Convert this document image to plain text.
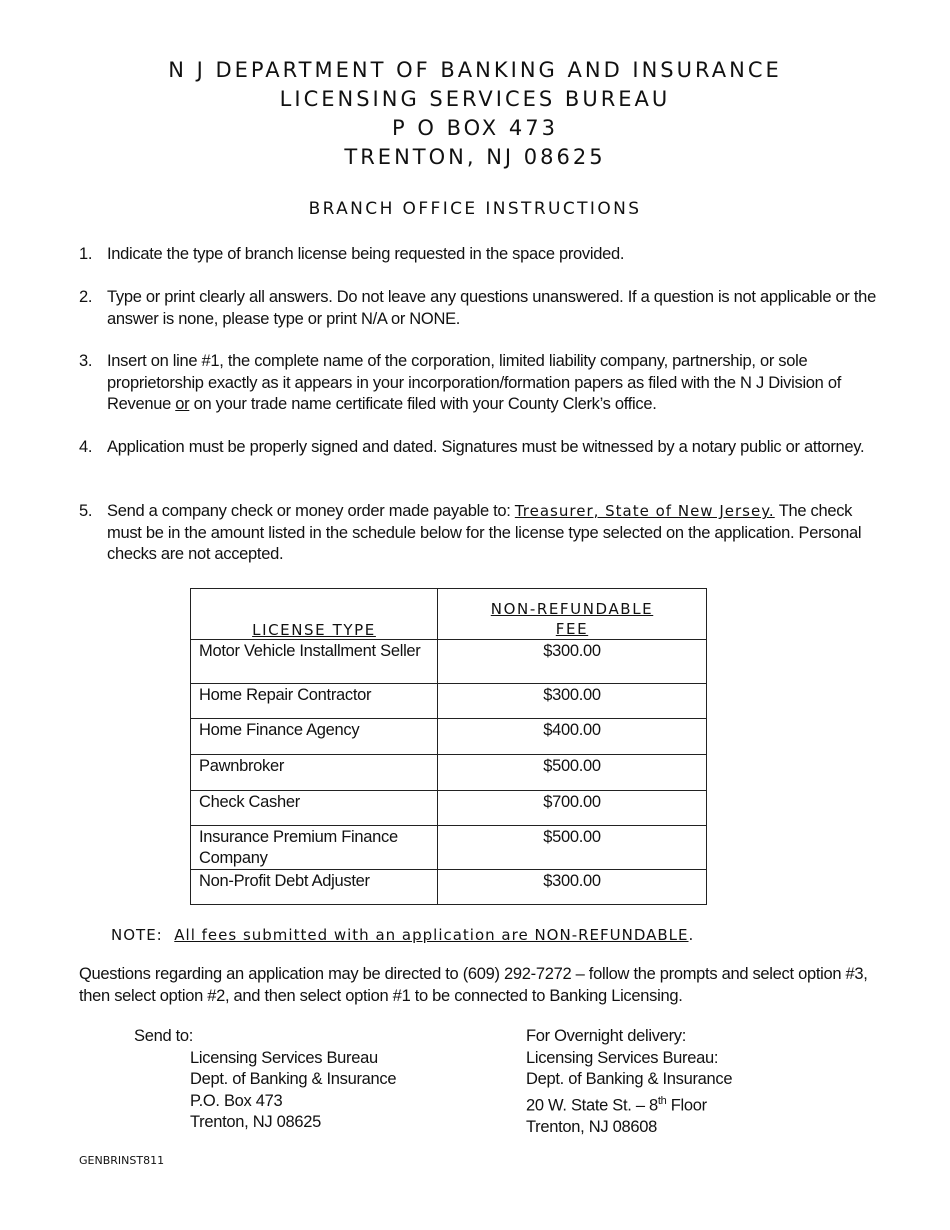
N J DEPARTMENT OF BANKING AND INSURANCE
LICENSING SERVICES BUREAU
P O BOX 473
TRENTON, NJ 08625
BRANCH OFFICE INSTRUCTIONS
1. Indicate the type of branch license being requested in the space provided.
2. Type or print clearly all answers. Do not leave any questions unanswered. If a question is not applicable or the answer is none, please type or print N/A or NONE.
3. Insert on line #1, the complete name of the corporation, limited liability company, partnership, or sole proprietorship exactly as it appears in your incorporation/formation papers as filed with the N J Division of Revenue or on your trade name certificate filed with your County Clerk’s office.
4. Application must be properly signed and dated. Signatures must be witnessed by a notary public or attorney.
5. Send a company check or money order made payable to: Treasurer, State of New Jersey. The check must be in the amount listed in the schedule below for the license type selected on the application. Personal checks are not accepted.
LICENSE TYPE	NON-REFUNDABLE
FEE
Motor Vehicle Installment Seller	$300.00
Home Repair Contractor	$300.00
Home Finance Agency	$400.00
Pawnbroker	$500.00
Check Casher	$700.00
Insurance Premium Finance Company	$500.00
Non-Profit Debt Adjuster	$300.00
NOTE:  All fees submitted with an application are NON-REFUNDABLE.
Questions regarding an application may be directed to (609) 292-7272 – follow the prompts and select option #3, then select option #2, and then select option #1 to be connected to Banking Licensing.
Send to:
Licensing Services Bureau
Dept. of Banking & Insurance
P.O. Box 473
Trenton, NJ 08625
For Overnight delivery:
Licensing Services Bureau:
Dept. of Banking & Insurance
20 W. State St. – 8th Floor
Trenton, NJ 08608
GENBRINST811
